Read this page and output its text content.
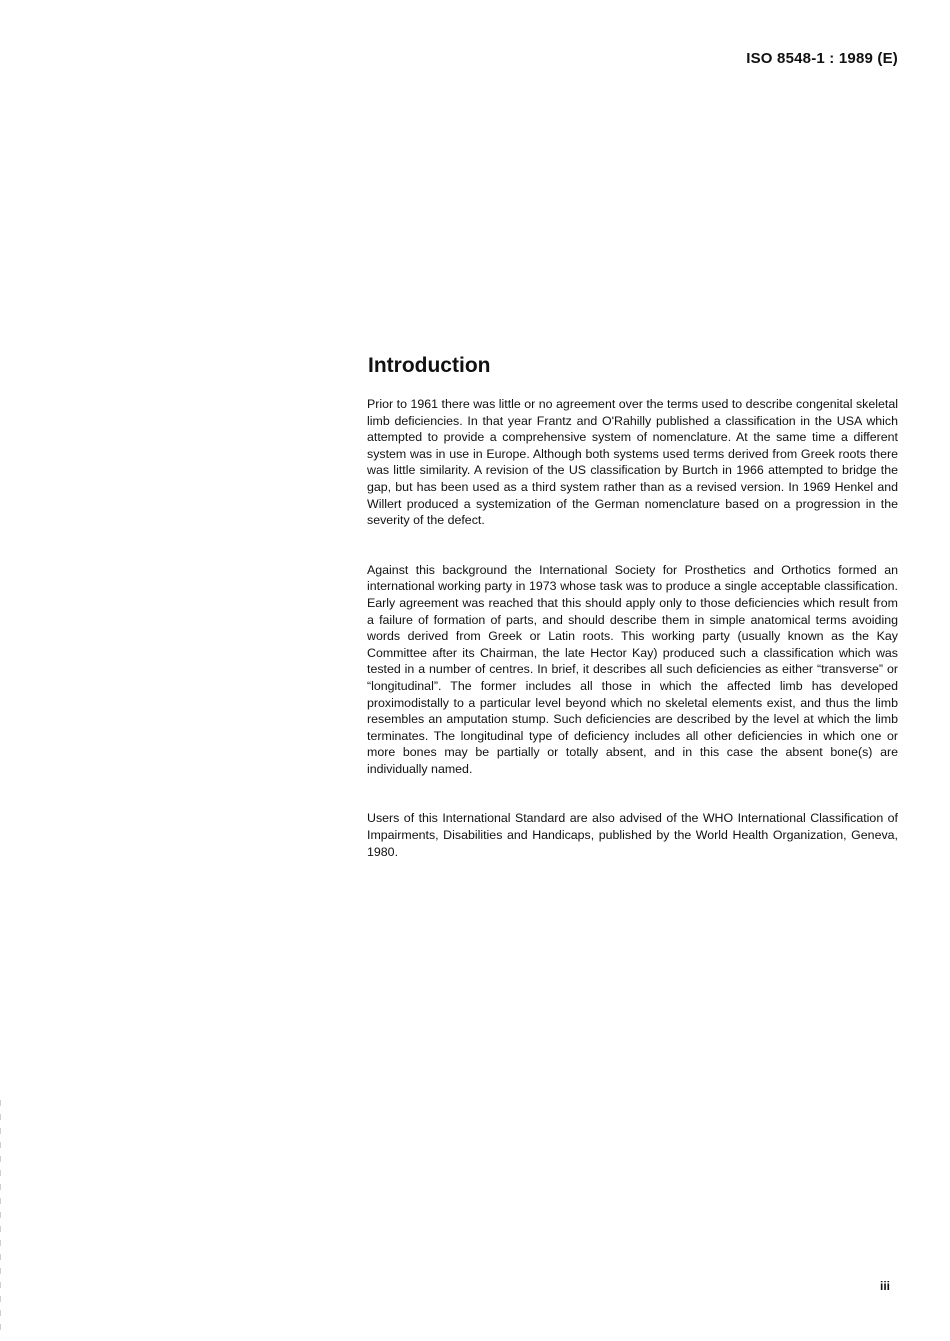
ISO 8548-1 : 1989 (E)
Introduction

Prior to 1961 there was little or no agreement over the terms used to describe congenital skeletal limb deficiencies. In that year Frantz and O'Rahilly published a classification in the USA which attempted to provide a comprehensive system of nomenclature. At the same time a different system was in use in Europe. Although both systems used terms derived from Greek roots there was little similarity. A revision of the US classification by Burtch in 1966 attempted to bridge the gap, but has been used as a third system rather than as a revised version. In 1969 Henkel and Willert produced a systemization of the German nomenclature based on a progression in the severity of the defect.

Against this background the International Society for Prosthetics and Orthotics formed an international working party in 1973 whose task was to produce a single acceptable classification. Early agreement was reached that this should apply only to those deficiencies which result from a failure of formation of parts, and should describe them in simple anatomical terms avoiding words derived from Greek or Latin roots. This working party (usually known as the Kay Committee after its Chairman, the late Hector Kay) produced such a classification which was tested in a number of centres. In brief, it describes all such deficiencies as either “transverse” or “longitudinal”. The former includes all those in which the affected limb has developed proximodistally to a particular level beyond which no skeletal elements exist, and thus the limb resembles an amputation stump. Such deficiencies are described by the level at which the limb terminates. The longitudinal type of deficiency includes all other deficiencies in which one or more bones may be partially or totally absent, and in this case the absent bone(s) are individually named.

Users of this International Standard are also advised of the WHO International Classification of Impairments, Disabilities and Handicaps, published by the World Health Organization, Geneva, 1980.

iii
